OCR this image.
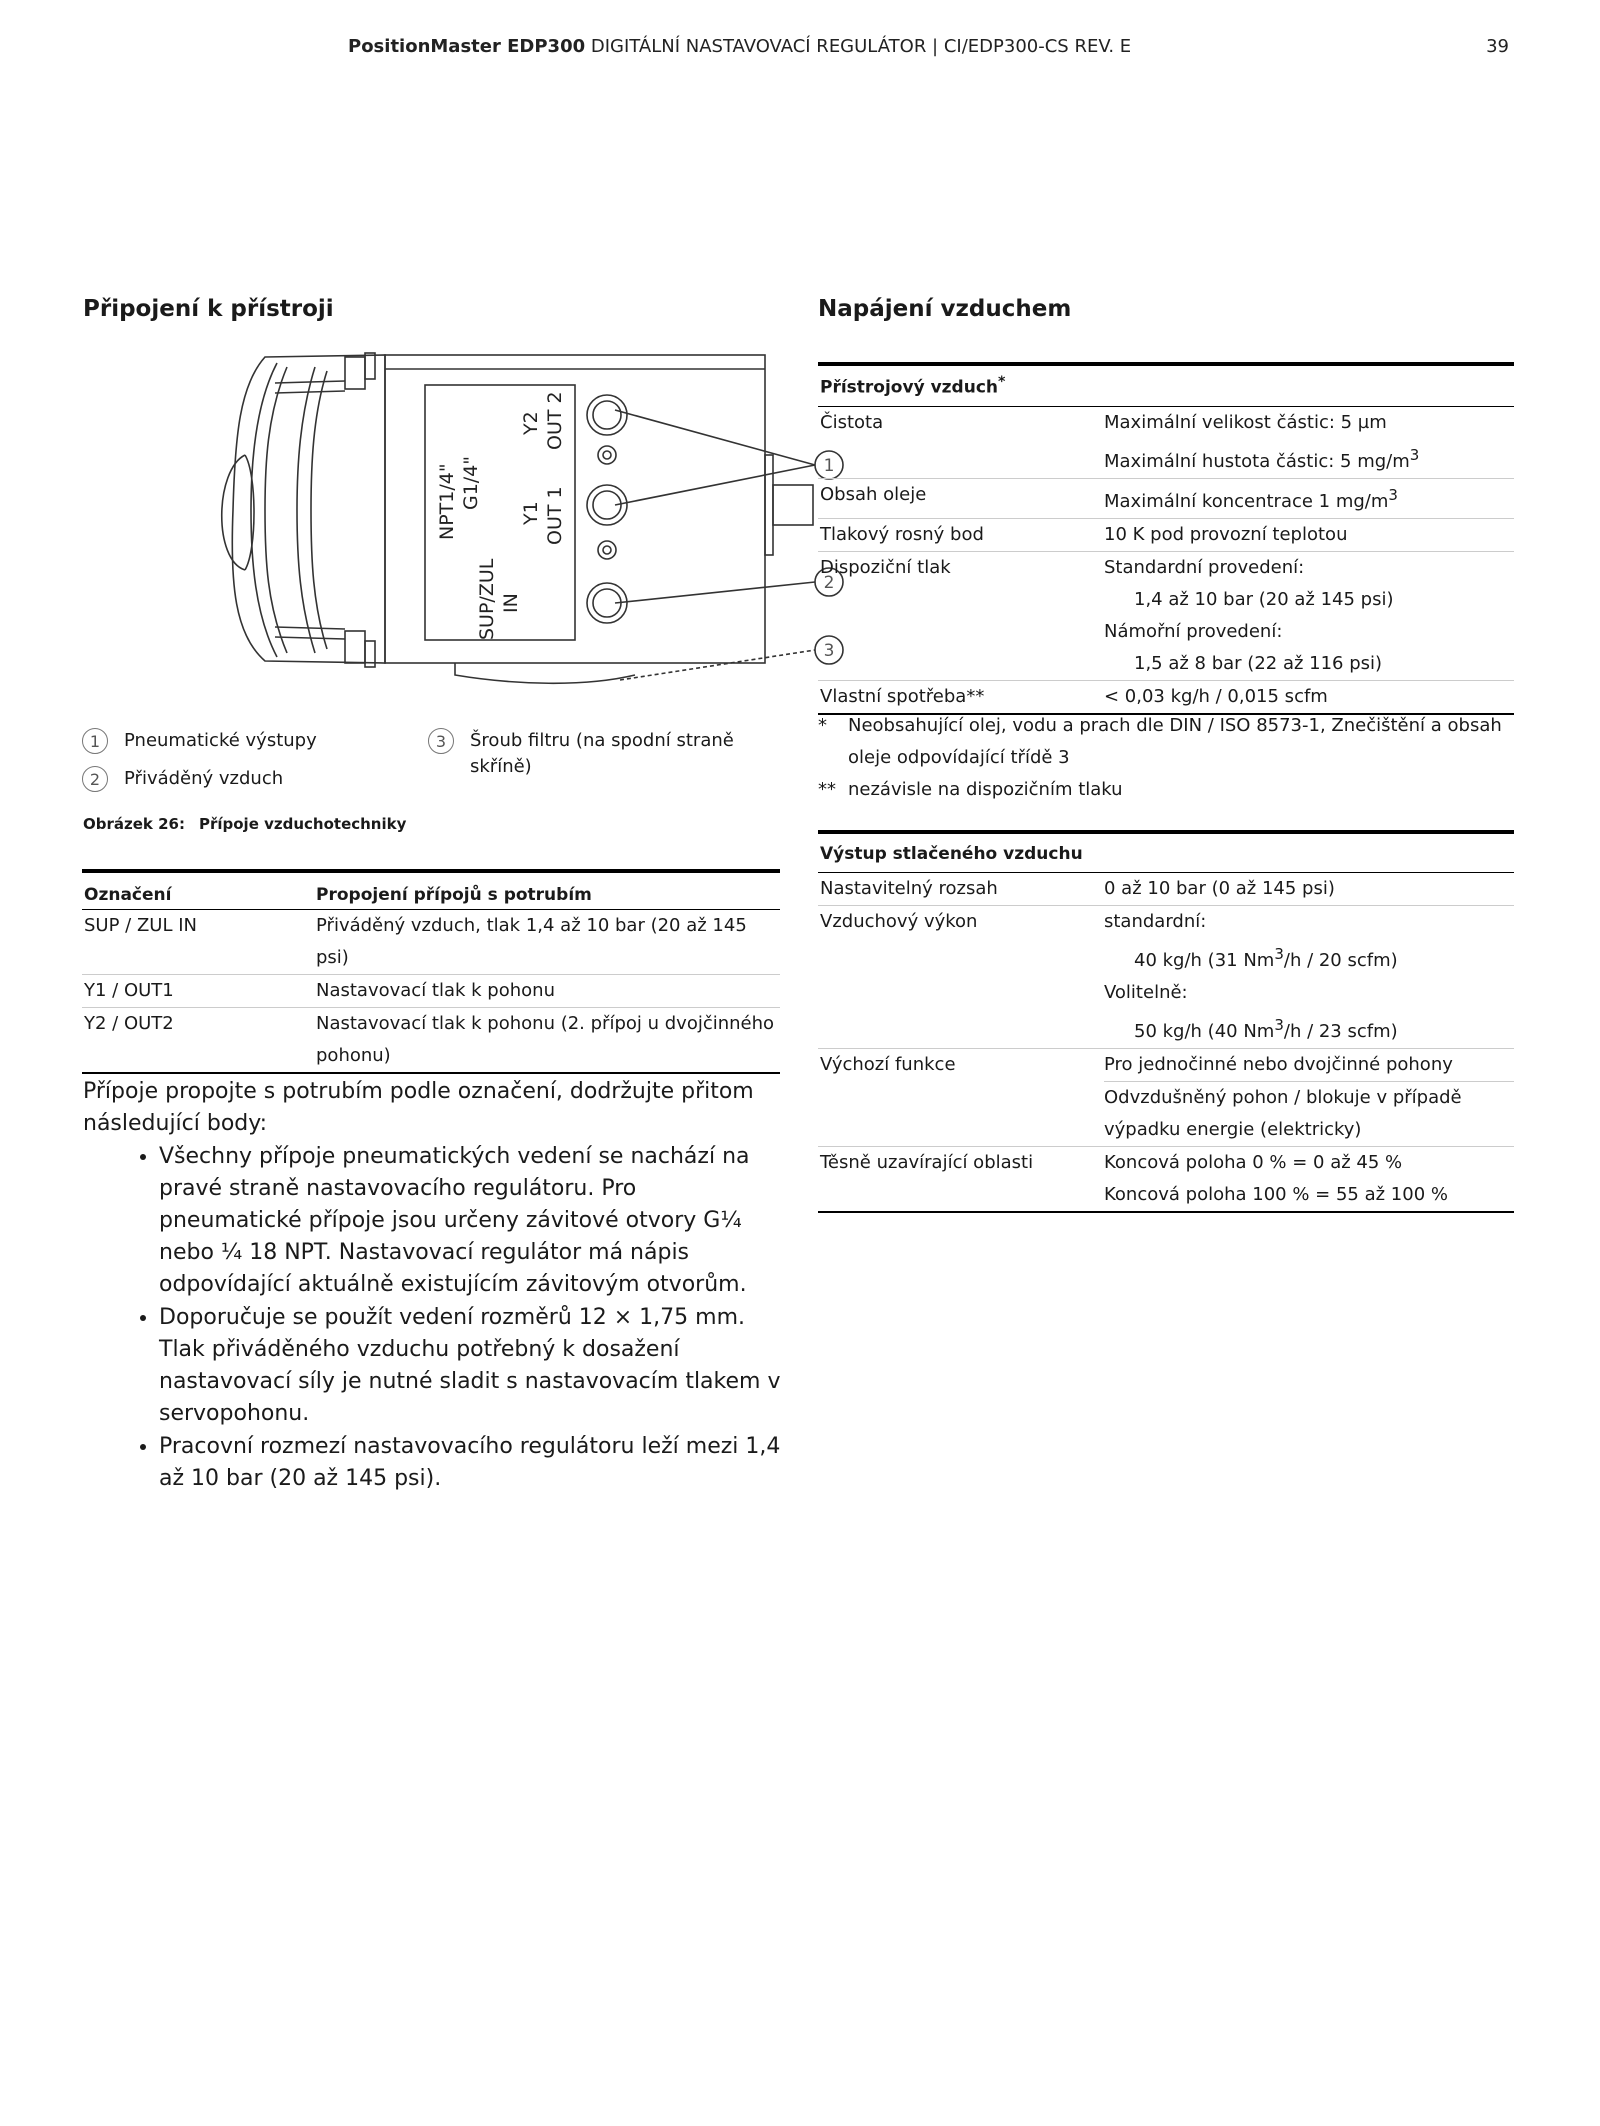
PositionMaster EDP300 DIGITÁLNÍ NASTAVOVACÍ REGULÁTOR | CI/EDP300-CS REV. E	39
Připojení k přístroji
NPT1/4" G1/4"
Y2 OUT 2
Y1 OUT 1
SUP/ZUL IN
1
2
3
1	Pneumatické výstupy
2	Přiváděný vzduch
3	Šroub filtru (na spodní straně skříně)
Obrázek 26: Přípoje vzduchotechniky
Označení	Propojení přípojů s potrubím
SUP / ZUL IN	Přiváděný vzduch, tlak 1,4 až 10 bar (20 až 145 psi)
Y1 / OUT1	Nastavovací tlak k pohonu
Y2 / OUT2	Nastavovací tlak k pohonu (2. přípoj u dvojčinného pohonu)

Přípoje propojte s potrubím podle označení, dodržujte přitom následující body:

• Všechny přípoje pneumatických vedení se nachází na pravé straně nastavovacího regulátoru. Pro pneumatické přípoje jsou určeny závitové otvory G¼ nebo ¼ 18 NPT. Nastavovací regulátor má nápis odpovídající aktuálně existujícím závitovým otvorům.
• Doporučuje se použít vedení rozměrů 12 × 1,75 mm. Tlak přiváděného vzduchu potřebný k dosažení nastavovací síly je nutné sladit s nastavovacím tlakem v servopohonu.
• Pracovní rozmezí nastavovacího regulátoru leží mezi 1,4 až 10 bar (20 až 145 psi).
Napájení vzduchem
Přístrojový vzduch*
Čistota	Maximální velikost částic: 5 µm
Maximální hustota částic: 5 $mg/m^3$

Obsah oleje	Maximální koncentrace 1 $mg/m^3$
Tlakový rosný bod	10 K pod provozní teplotou
Dispoziční tlak	Standardní provedení:
1,4 až 10 bar (20 až 145 psi)
Námořní provedení:
1,5 až 8 bar (22 až 116 psi)

Vlastní spotřeba**	< 0,03 kg/h / 0,015 scfm
*	Neobsahující olej, vodu a prach dle DIN / ISO 8573-1, Znečištění a obsah oleje odpovídající třídě 3
** nezávisle na dispozičním tlaku
Výstup stlačeného vzduchu	
Nastavitelný rozsah	0 až 10 bar (0 až 145 psi)
Vzduchový výkon	standardní:
40 kg/h (31 Nm$^3$/h / 20 scfm)
Volitelně:
50 kg/h (40 Nm$^3$/h / 23 scfm)

Výchozí funkce	Pro jednočinné nebo dvojčinné pohony
Odvzdušněný pohon / blokuje v případě výpadku energie (elektricky)

Těsně uzavírající oblasti	Koncová poloha 0 % = 0 až 45 %
Koncová poloha 100 % = 55 až 100 %
